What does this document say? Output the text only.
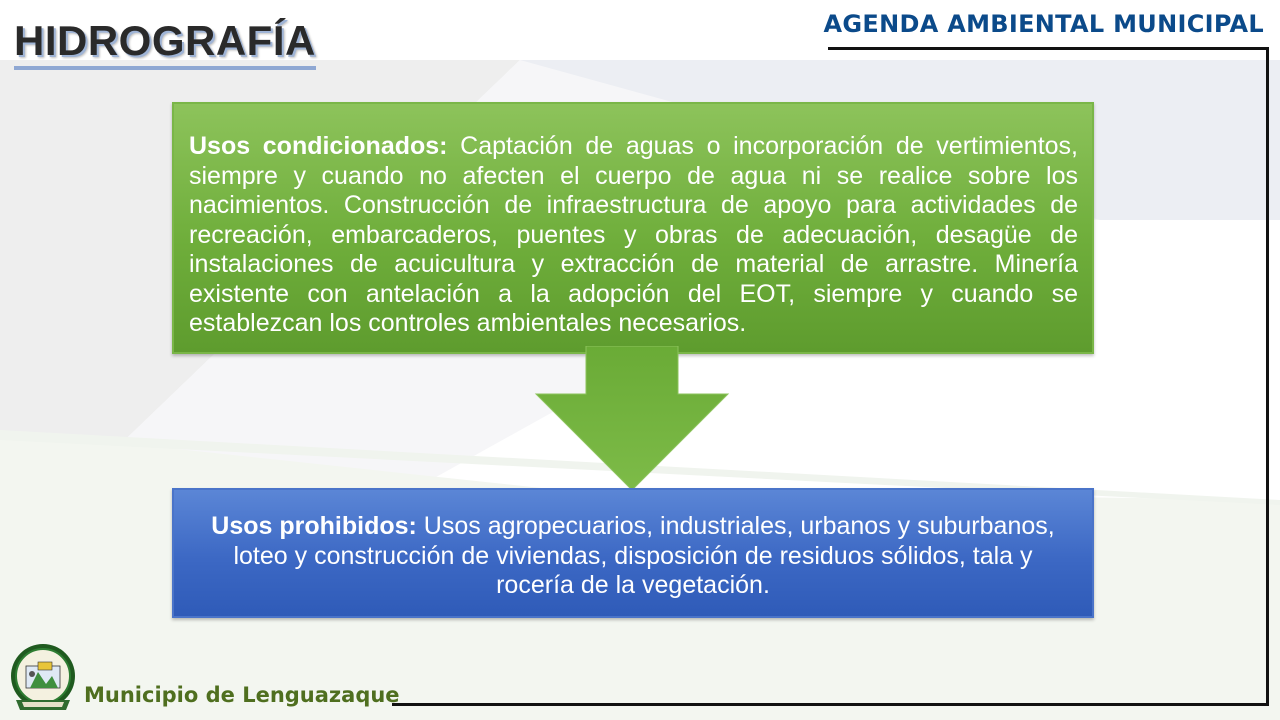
HIDROGRAFÍA	AGENDA AMBIENTAL MUNICIPAL
Usos condicionados: Captación de aguas o incorporación de vertimientos, siempre y cuando no afecten el cuerpo de agua ni se realice sobre los nacimientos. Construcción de infraestructura de apoyo para actividades de recreación, embarcaderos, puentes y obras de adecuación, desagüe de instalaciones de acuicultura y extracción de material de arrastre. Minería existente con antelación a la adopción del EOT, siempre y cuando se establezcan los controles ambientales necesarios.
Usos prohibidos: Usos agropecuarios, industriales, urbanos y suburbanos, loteo y construcción de viviendas, disposición de residuos sólidos, tala y rocería de la vegetación.
Municipio de Lenguazaque
